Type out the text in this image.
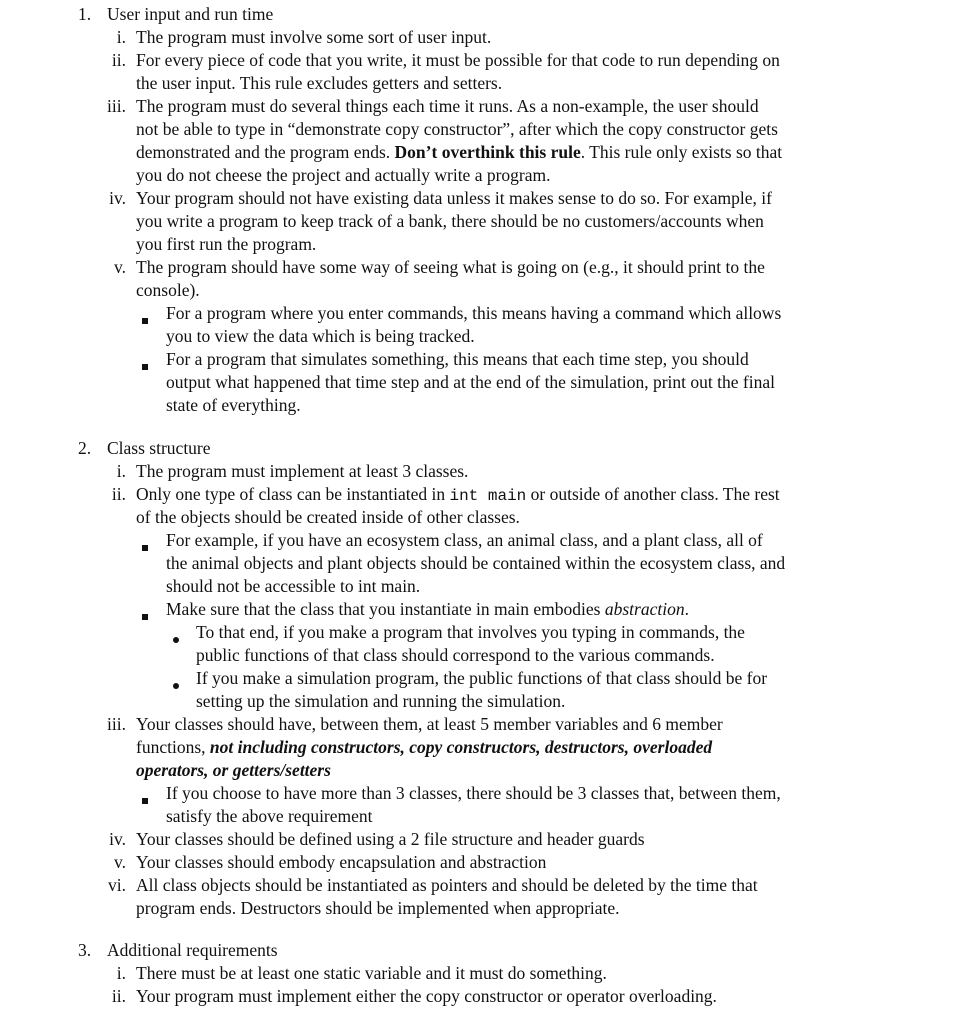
1. User input and run time
i. The program must involve some sort of user input.
ii. For every piece of code that you write, it must be possible for that code to run depending on
the user input. This rule excludes getters and setters.
iii. The program must do several things each time it runs. As a non-example, the user should
not be able to type in “demonstrate copy constructor”, after which the copy constructor gets
demonstrated and the program ends. Don’t overthink this rule. This rule only exists so that
you do not cheese the project and actually write a program.
iv. Your program should not have existing data unless it makes sense to do so. For example, if
you write a program to keep track of a bank, there should be no customers/accounts when
you first run the program.
v. The program should have some way of seeing what is going on (e.g., it should print to the
console).
For a program where you enter commands, this means having a command which allows
you to view the data which is being tracked.
For a program that simulates something, this means that each time step, you should
output what happened that time step and at the end of the simulation, print out the final
state of everything.
2. Class structure
i. The program must implement at least 3 classes.
ii. Only one type of class can be instantiated in int main or outside of another class. The rest
of the objects should be created inside of other classes.
For example, if you have an ecosystem class, an animal class, and a plant class, all of
the animal objects and plant objects should be contained within the ecosystem class, and
should not be accessible to int main.
Make sure that the class that you instantiate in main embodies abstraction.
To that end, if you make a program that involves you typing in commands, the
public functions of that class should correspond to the various commands.
If you make a simulation program, the public functions of that class should be for
setting up the simulation and running the simulation.
iii. Your classes should have, between them, at least 5 member variables and 6 member
functions, not including constructors, copy constructors, destructors, overloaded
operators, or getters/setters
If you choose to have more than 3 classes, there should be 3 classes that, between them,
satisfy the above requirement
iv. Your classes should be defined using a 2 file structure and header guards
v. Your classes should embody encapsulation and abstraction
vi. All class objects should be instantiated as pointers and should be deleted by the time that
program ends. Destructors should be implemented when appropriate.
3. Additional requirements
i. There must be at least one static variable and it must do something.
ii. Your program must implement either the copy constructor or operator overloading.
